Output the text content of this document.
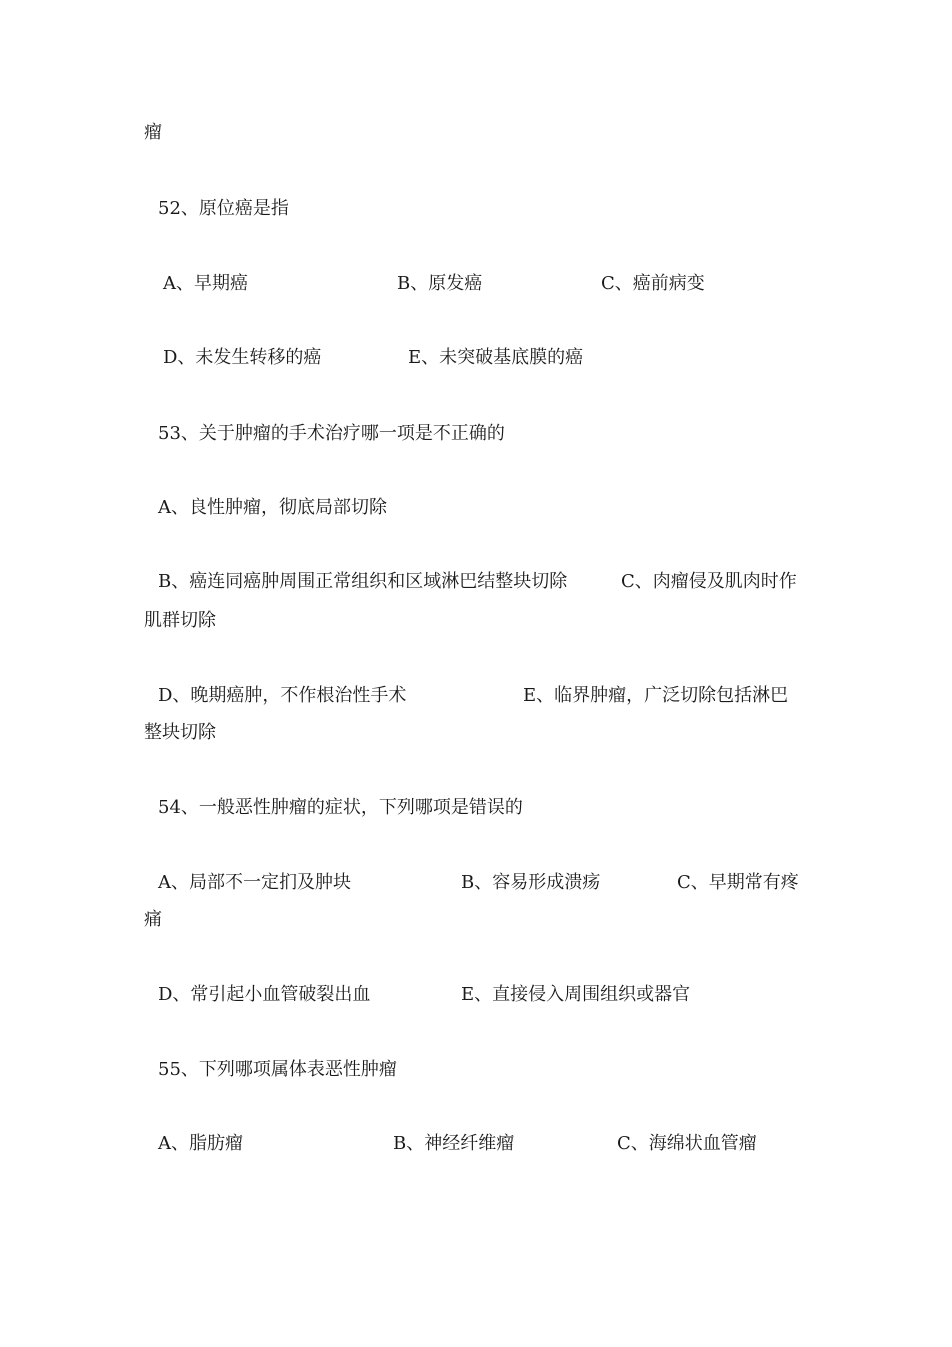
瘤
52、原位癌是指
A、早期癌	B、原发癌	C、癌前病变
D、未发生转移的癌	E、未突破基底膜的癌
53、关于肿瘤的手术治疗哪一项是不正确的
A、良性肿瘤，彻底局部切除
B、癌连同癌肿周围正常组织和区域淋巴结整块切除	C、肉瘤侵及肌肉时作
肌群切除
D、晚期癌肿，不作根治性手术	E、临界肿瘤，广泛切除包括淋巴
整块切除
54、一般恶性肿瘤的症状，下列哪项是错误的
A、局部不一定扪及肿块	B、容易形成溃疡	C、早期常有疼
痛
D、常引起小血管破裂出血	E、直接侵入周围组织或器官
55、下列哪项属体表恶性肿瘤
A、脂肪瘤	B、神经纤维瘤	C、海绵状血管瘤
